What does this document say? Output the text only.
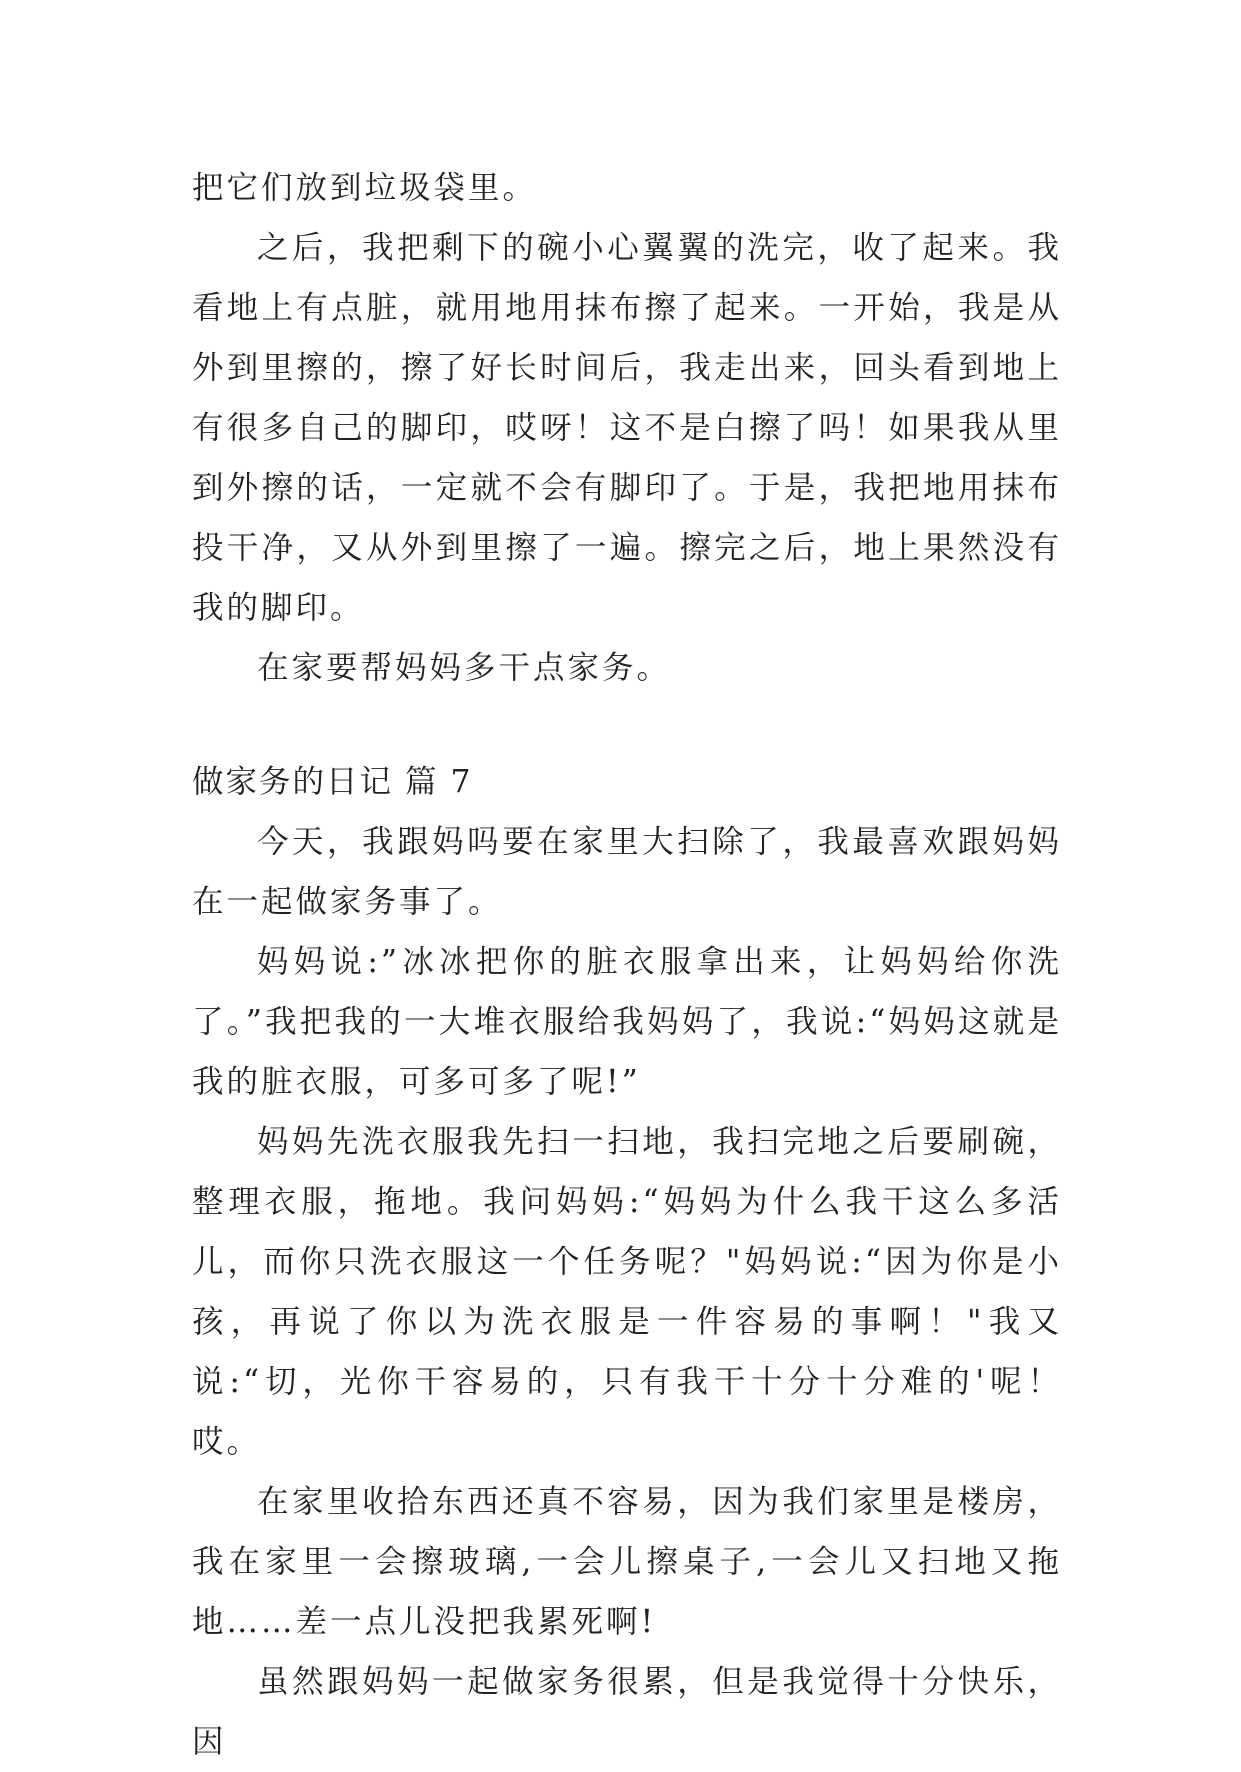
把它们放到垃圾袋里。

之后，我把剩下的碗小心翼翼的洗完，收了起来。我看地上有点脏，就用地用抹布擦了起来。一开始，我是从外到里擦的，擦了好长时间后，我走出来，回头看到地上有很多自己的脚印，哎呀！这不是白擦了吗！如果我从里到外擦的话，一定就不会有脚印了。于是，我把地用抹布投干净，又从外到里擦了一遍。擦完之后，地上果然没有我的脚印。

在家要帮妈妈多干点家务。

做家务的日记 篇 7

今天，我跟妈吗要在家里大扫除了，我最喜欢跟妈妈在一起做家务事了。

妈妈说:”冰冰把你的脏衣服拿出来，让妈妈给你洗了。”我把我的一大堆衣服给我妈妈了，我说:“妈妈这就是我的脏衣服，可多可多了呢!”

妈妈先洗衣服我先扫一扫地，我扫完地之后要刷碗，整理衣服，拖地。我问妈妈:“妈妈为什么我干这么多活儿，而你只洗衣服这一个任务呢？"妈妈说:“因为你是小孩，再说了你以为洗衣服是一件容易的事啊！"我又说:“切，光你干容易的，只有我干十分十分难的'呢！哎。

在家里收拾东西还真不容易，因为我们家里是楼房，我在家里一会擦玻璃,一会儿擦桌子,一会儿又扫地又拖地……差一点儿没把我累死啊!

虽然跟妈妈一起做家务很累，但是我觉得十分快乐，因
